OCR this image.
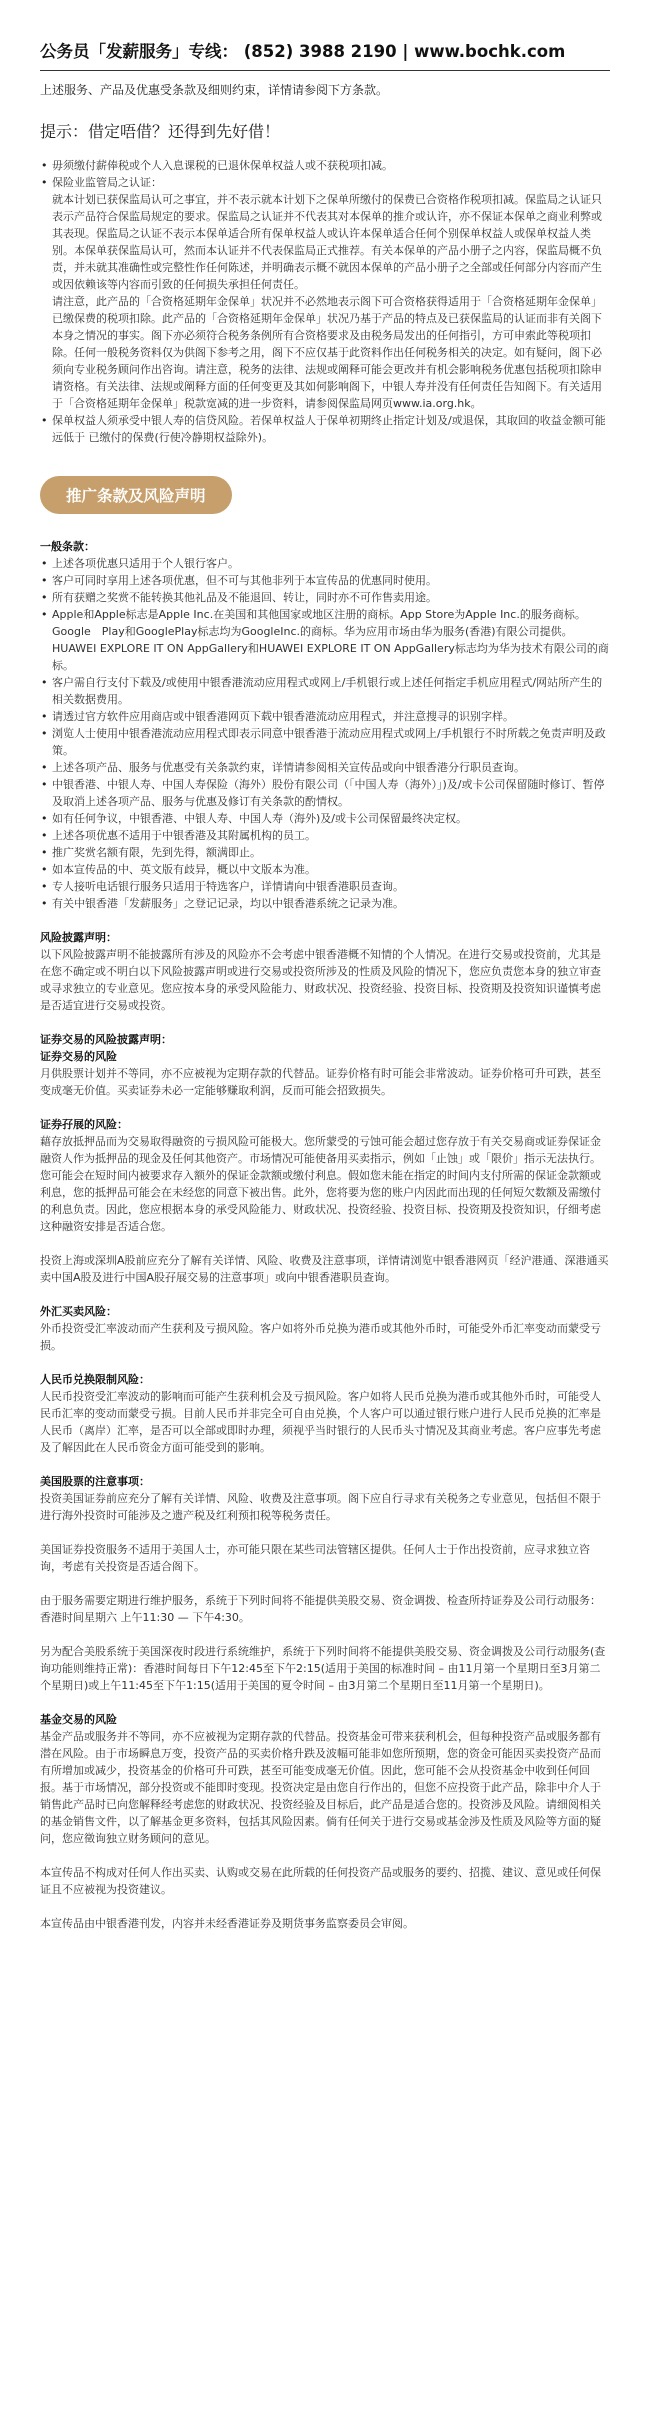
公务员「发薪服务」专线： (852) 3988 2190 | www.bochk.com
上述服务、产品及优惠受条款及细则约束，详情请参阅下方条款。
提示：借定唔借？还得到先好借！
• 毋须缴付薪俸税或个人入息课税的已退休保单权益人或不获税项扣减。
• 保险业监管局之认证：
就本计划已获保监局认可之事宜，并不表示就本计划下之保单所缴付的保费已合资格作税项扣减。保监局之认证只表示产品符合保监局规定的要求。保监局之认证并不代表其对本保单的推介或认许，亦不保证本保单之商业利弊或其表现。保监局之认证不表示本保单适合所有保单权益人或认许本保单适合任何个别保单权益人或保单权益人类别。本保单获保监局认可，然而本认证并不代表保监局正式推荐。有关本保单的产品小册子之内容，保监局概不负责，并未就其准确性或完整性作任何陈述，并明确表示概不就因本保单的产品小册子之全部或任何部分内容而产生或因依赖该等内容而引致的任何损失承担任何责任。
请注意，此产品的「合资格延期年金保单」状况并不必然地表示阁下可合资格获得适用于「合资格延期年金保单」已缴保费的税项扣除。此产品的「合资格延期年金保单」状况乃基于产品的特点及已获保监局的认证而非有关阁下本身之情况的事实。阁下亦必须符合税务条例所有合资格要求及由税务局发出的任何指引，方可申索此等税项扣除。任何一般税务资料仅为供阁下参考之用，阁下不应仅基于此资料作出任何税务相关的决定。如有疑问，阁下必须向专业税务顾问作出咨询。请注意，税务的法律、法规或阐释可能会更改并有机会影响税务优惠包括税项扣除申请资格。有关法律、法规或阐释方面的任何变更及其如何影响阁下，中银人寿并没有任何责任告知阁下。有关适用于「合资格延期年金保单」税款宽减的进一步资料，请参阅保监局网页www.ia.org.hk。
• 保单权益人须承受中银人寿的信贷风险。若保单权益人于保单初期终止指定计划及/或退保，其取回的收益金额可能远低于 已缴付的保费(行使冷静期权益除外)。
推广条款及风险声明
一般条款：
• 上述各项优惠只适用于个人银行客户。
• 客户可同时享用上述各项优惠，但不可与其他非列于本宣传品的优惠同时使用。
• 所有获赠之奖赏不能转换其他礼品及不能退回、转让，同时亦不可作售卖用途。
• Apple和Apple标志是Apple Inc.在美国和其他国家或地区注册的商标。App Store为Apple Inc.的服务商标。Google　Play和GooglePlay标志均为GoogleInc.的商标。华为应用市场由华为服务(香港)有限公司提供。HUAWEI EXPLORE IT ON AppGallery和HUAWEI EXPLORE IT ON AppGallery标志均为华为技术有限公司的商标。
• 客户需自行支付下载及/或使用中银香港流动应用程式或网上/手机银行或上述任何指定手机应用程式/网站所产生的相关数据费用。
• 请透过官方软件应用商店或中银香港网页下载中银香港流动应用程式，并注意搜寻的识别字样。
• 浏览人士使用中银香港流动应用程式即表示同意中银香港于流动应用程式或网上/手机银行不时所载之免责声明及政策。
• 上述各项产品、服务与优惠受有关条款约束，详情请参阅相关宣传品或向中银香港分行职员查询。
• 中银香港、中银人寿、中国人寿保险（海外）股份有限公司（「中国人寿（海外）」)及/或卡公司保留随时修订、暂停及取消上述各项产品、服务与优惠及修订有关条款的酌情权。
• 如有任何争议，中银香港、中银人寿、中国人寿（海外)及/或卡公司保留最终决定权。
• 上述各项优惠不适用于中银香港及其附属机构的员工。
• 推广奖赏名额有限，先到先得，额满即止。
• 如本宣传品的中、英文版有歧异，概以中文版本为准。
• 专人接听电话银行服务只适用于特选客户，详情请向中银香港职员查询。
• 有关中银香港「发薪服务」之登记记录，均以中银香港系统之记录为准。
风险披露声明：
以下风险披露声明不能披露所有涉及的风险亦不会考虑中银香港概不知情的个人情况。在进行交易或投资前，尤其是在您不确定或不明白以下风险披露声明或进行交易或投资所涉及的性质及风险的情况下，您应负责您本身的独立审查或寻求独立的专业意见。您应按本身的承受风险能力、财政状况、投资经验、投资目标、投资期及投资知识谨慎考虑是否适宜进行交易或投资。
证券交易的风险披露声明：
证券交易的风险
月供股票计划并不等同，亦不应被视为定期存款的代替品。证券价格有时可能会非常波动。证券价格可升可跌，甚至变成毫无价值。买卖证券未必一定能够赚取利润，反而可能会招致损失。
证券孖展的风险：
藉存放抵押品而为交易取得融资的亏损风险可能极大。您所蒙受的亏蚀可能会超过您存放于有关交易商或证券保证金融资人作为抵押品的现金及任何其他资产。市场情况可能使备用买卖指示，例如「止蚀」或「限价」指示无法执行。您可能会在短时间内被要求存入额外的保证金款额或缴付利息。假如您未能在指定的时间内支付所需的保证金款额或利息，您的抵押品可能会在未经您的同意下被出售。此外，您将要为您的账户内因此而出现的任何短欠数额及需缴付的利息负责。因此，您应根据本身的承受风险能力、财政状况、投资经验、投资目标、投资期及投资知识，仔细考虑这种融资安排是否适合您。
投资上海或深圳A股前应充分了解有关详情、风险、收费及注意事项，详情请浏览中银香港网页「经沪港通、深港通买卖中国A股及进行中国A股孖展交易的注意事项」或向中银香港职员查询。
外汇买卖风险：
外币投资受汇率波动而产生获利及亏损风险。客户如将外币兑换为港币或其他外币时，可能受外币汇率变动而蒙受亏损。
人民币兑换限制风险：
人民币投资受汇率波动的影响而可能产生获利机会及亏损风险。客户如将人民币兑换为港币或其他外币时，可能受人民币汇率的变动而蒙受亏损。目前人民币并非完全可自由兑换，个人客户可以通过银行账户进行人民币兑换的汇率是人民币（离岸）汇率，是否可以全部或即时办理，须视乎当时银行的人民币头寸情况及其商业考虑。客户应事先考虑及了解因此在人民币资金方面可能受到的影响。
美国股票的注意事项：
投资美国证券前应充分了解有关详情、风险、收费及注意事项。阁下应自行寻求有关税务之专业意见，包括但不限于进行海外投资时可能涉及之遗产税及红利预扣税等税务责任。
美国证券投资服务不适用于美国人士，亦可能只限在某些司法管辖区提供。任何人士于作出投资前，应寻求独立咨询，考虑有关投资是否适合阁下。
由于服务需要定期进行维护服务，系统于下列时间将不能提供美股交易、资金调拨、检查所持证券及公司行动服务：香港时间星期六 上午11:30 — 下午4:30。
另为配合美股系统于美国深夜时段进行系统维护，系统于下列时间将不能提供美股交易、资金调拨及公司行动服务(查询功能则维持正常)：香港时间每日下午12:45至下午2:15(适用于美国的标准时间 – 由11月第一个星期日至3月第二个星期日)或上午11:45至下午1:15(适用于美国的夏令时间 – 由3月第二个星期日至11月第一个星期日)。
基金交易的风险
基金产品或服务并不等同，亦不应被视为定期存款的代替品。投资基金可带来获利机会，但每种投资产品或服务都有潜在风险。由于市场瞬息万变，投资产品的买卖价格升跌及波幅可能非如您所预期，您的资金可能因买卖投资产品而有所增加或减少，投资基金的价格可升可跌，甚至可能变成毫无价值。因此，您可能不会从投资基金中收到任何回报。基于市场情况，部分投资或不能即时变现。投资决定是由您自行作出的，但您不应投资于此产品，除非中介人于销售此产品时已向您解释经考虑您的财政状况、投资经验及目标后，此产品是适合您的。投资涉及风险。请细阅相关的基金销售文件，以了解基金更多资料，包括其风险因素。倘有任何关于进行交易或基金涉及性质及风险等方面的疑问，您应徵询独立财务顾问的意见。
本宣传品不构成对任何人作出买卖、认购或交易在此所载的任何投资产品或服务的要约、招揽、建议、意见或任何保证且不应被视为投资建议。
本宣传品由中银香港刊发，内容并未经香港证券及期货事务监察委员会审阅。
